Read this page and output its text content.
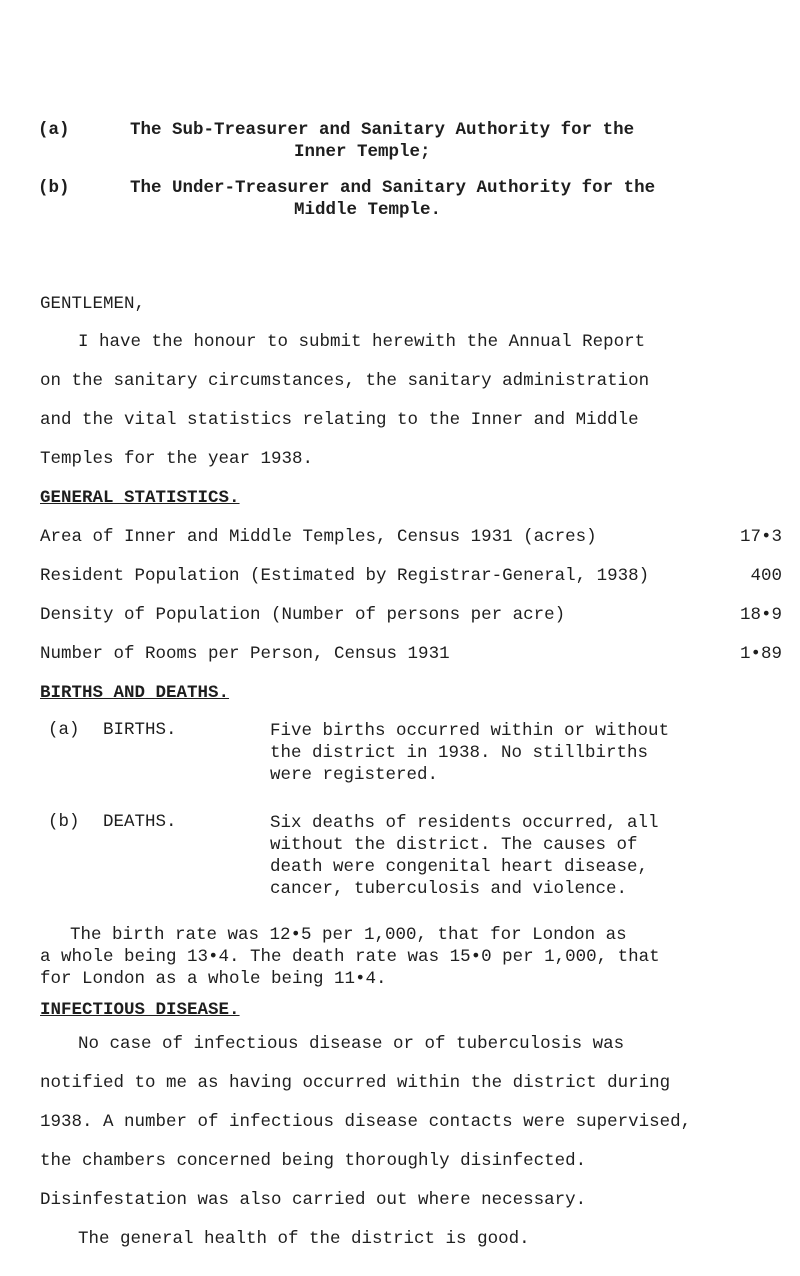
(a)	The Sub-Treasurer and Sanitary Authority for the
Inner Temple;
(b)	The Under-Treasurer and Sanitary Authority for the
Middle Temple.
GENTLEMEN,
I have the honour to submit herewith the Annual Report
on the sanitary circumstances, the sanitary administration
and the vital statistics relating to the Inner and Middle
Temples for the year 1938.
GENERAL STATISTICS.
Area of Inner and Middle Temples, Census 1931 (acres)	17•3
Resident Population (Estimated by Registrar-General, 1938)	400
Density of Population (Number of persons per acre)	18•9
Number of Rooms per Person, Census 1931	1•89
BIRTHS AND DEATHS.
(a) BIRTHS.	Five births occurred within or without
the district in 1938. No stillbirths
were registered.
(b) DEATHS.	Six deaths of residents occurred, all
without the district. The causes of
death were congenital heart disease,
cancer, tuberculosis and violence.
The birth rate was 12•5 per 1,000, that for London as
a whole being 13•4. The death rate was 15•0 per 1,000, that
for London as a whole being 11•4.
INFECTIOUS DISEASE.
No case of infectious disease or of tuberculosis was
notified to me as having occurred within the district during
1938. A number of infectious disease contacts were supervised,
the chambers concerned being thoroughly disinfected.
Disinfestation was also carried out where necessary.
The general health of the district is good.
